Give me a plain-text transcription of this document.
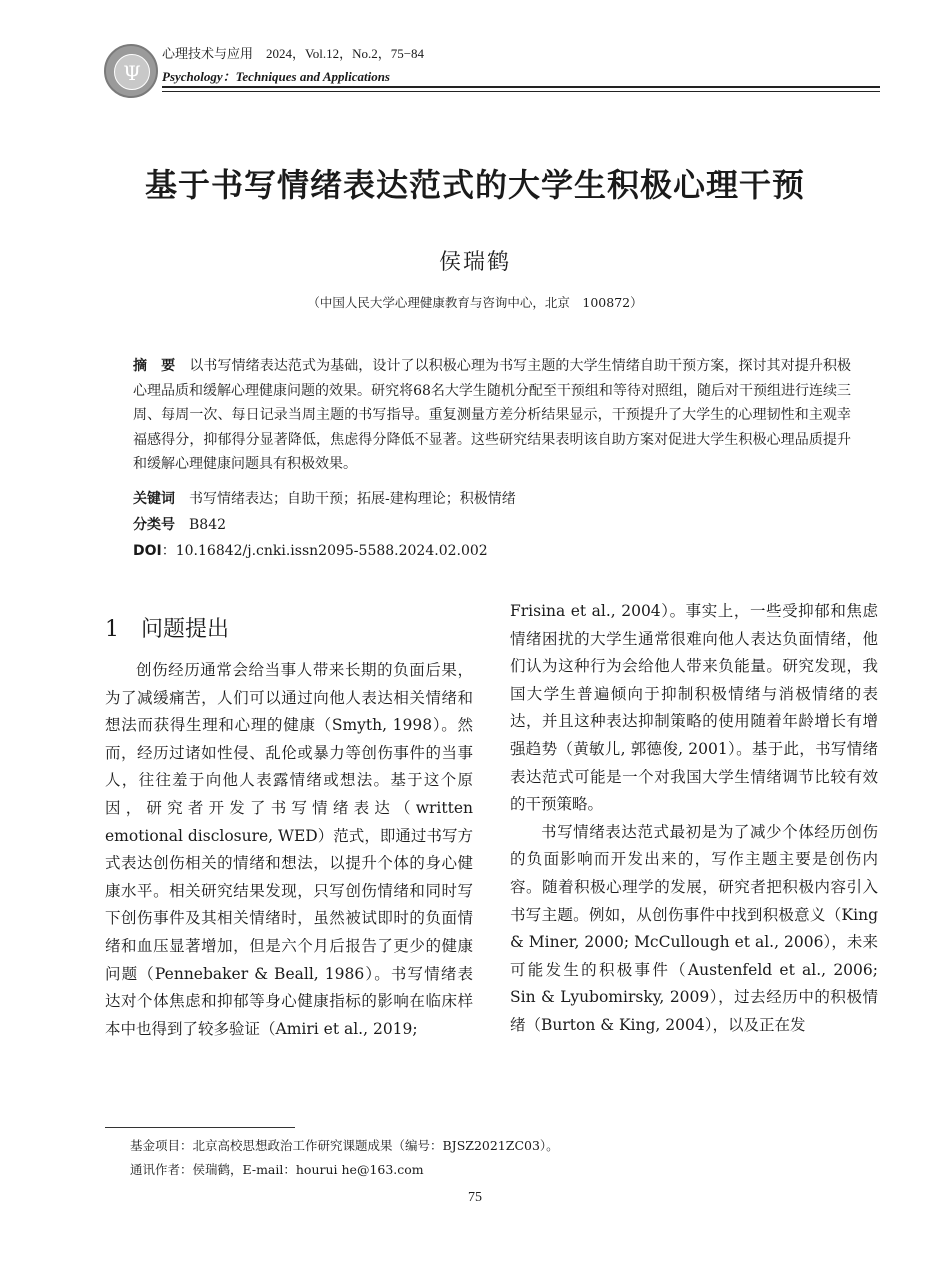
Ψ
心理技术与应用　2024，Vol.12，No.2，75−84
Psychology：Techniques and Applications
基于书写情绪表达范式的大学生积极心理干预
侯瑞鹤
（中国人民大学心理健康教育与咨询中心，北京　100872）
摘　要　 以书写情绪表达范式为基础，设计了以积极心理为书写主题的大学生情绪自助干预方案，探讨其对提升积极心理品质和缓解心理健康问题的效果。研究将68名大学生随机分配至干预组和等待对照组，随后对干预组进行连续三周、每周一次、每日记录当周主题的书写指导。重复测量方差分析结果显示，干预提升了大学生的心理韧性和主观幸福感得分，抑郁得分显著降低，焦虑得分降低不显著。这些研究结果表明该自助方案对促进大学生积极心理品质提升和缓解心理健康问题具有积极效果。
关键词　 书写情绪表达；自助干预；拓展-建构理论；积极情绪
分类号　 B842
DOI：10.16842/j.cnki.issn2095-5588.2024.02.002
1　 问题提出

创伤经历通常会给当事人带来长期的负面后果，为了减缓痛苦，人们可以通过向他人表达相关情绪和想法而获得生理和心理的健康（Smyth, 1998）。然而，经历过诸如性侵、乱伦或暴力等创伤事件的当事人，往往羞于向他人表露情绪或想法。基于这个原因，研究者开发了书写情绪表达（written emotional disclosure, WED）范式，即通过书写方式表达创伤相关的情绪和想法，以提升个体的身心健康水平。相关研究结果发现，只写创伤情绪和同时写下创伤事件及其相关情绪时，虽然被试即时的负面情绪和血压显著增加，但是六个月后报告了更少的健康问题（Pennebaker & Beall, 1986）。书写情绪表达对个体焦虑和抑郁等身心健康指标的影响在临床样本中也得到了较多验证（Amiri et al., 2019;

Frisina et al., 2004）。事实上，一些受抑郁和焦虑情绪困扰的大学生通常很难向他人表达负面情绪，他们认为这种行为会给他人带来负能量。研究发现，我国大学生普遍倾向于抑制积极情绪与消极情绪的表达，并且这种表达抑制策略的使用随着年龄增长有增强趋势（黄敏儿, 郭德俊, 2001）。基于此，书写情绪表达范式可能是一个对我国大学生情绪调节比较有效的干预策略。

书写情绪表达范式最初是为了减少个体经历创伤的负面影响而开发出来的，写作主题主要是创伤内容。随着积极心理学的发展，研究者把积极内容引入书写主题。例如，从创伤事件中找到积极意义（King & Miner, 2000; McCullough et al., 2006），未来可能发生的积极事件（Austenfeld et al., 2006; Sin & Lyubomirsky, 2009），过去经历中的积极情绪（Burton & King, 2004），以及正在发

基金项目：北京高校思想政治工作研究课题成果（编号：BJSZ2021ZC03）。
通讯作者：侯瑞鹤，E-mail：hourui he@163.com
75
